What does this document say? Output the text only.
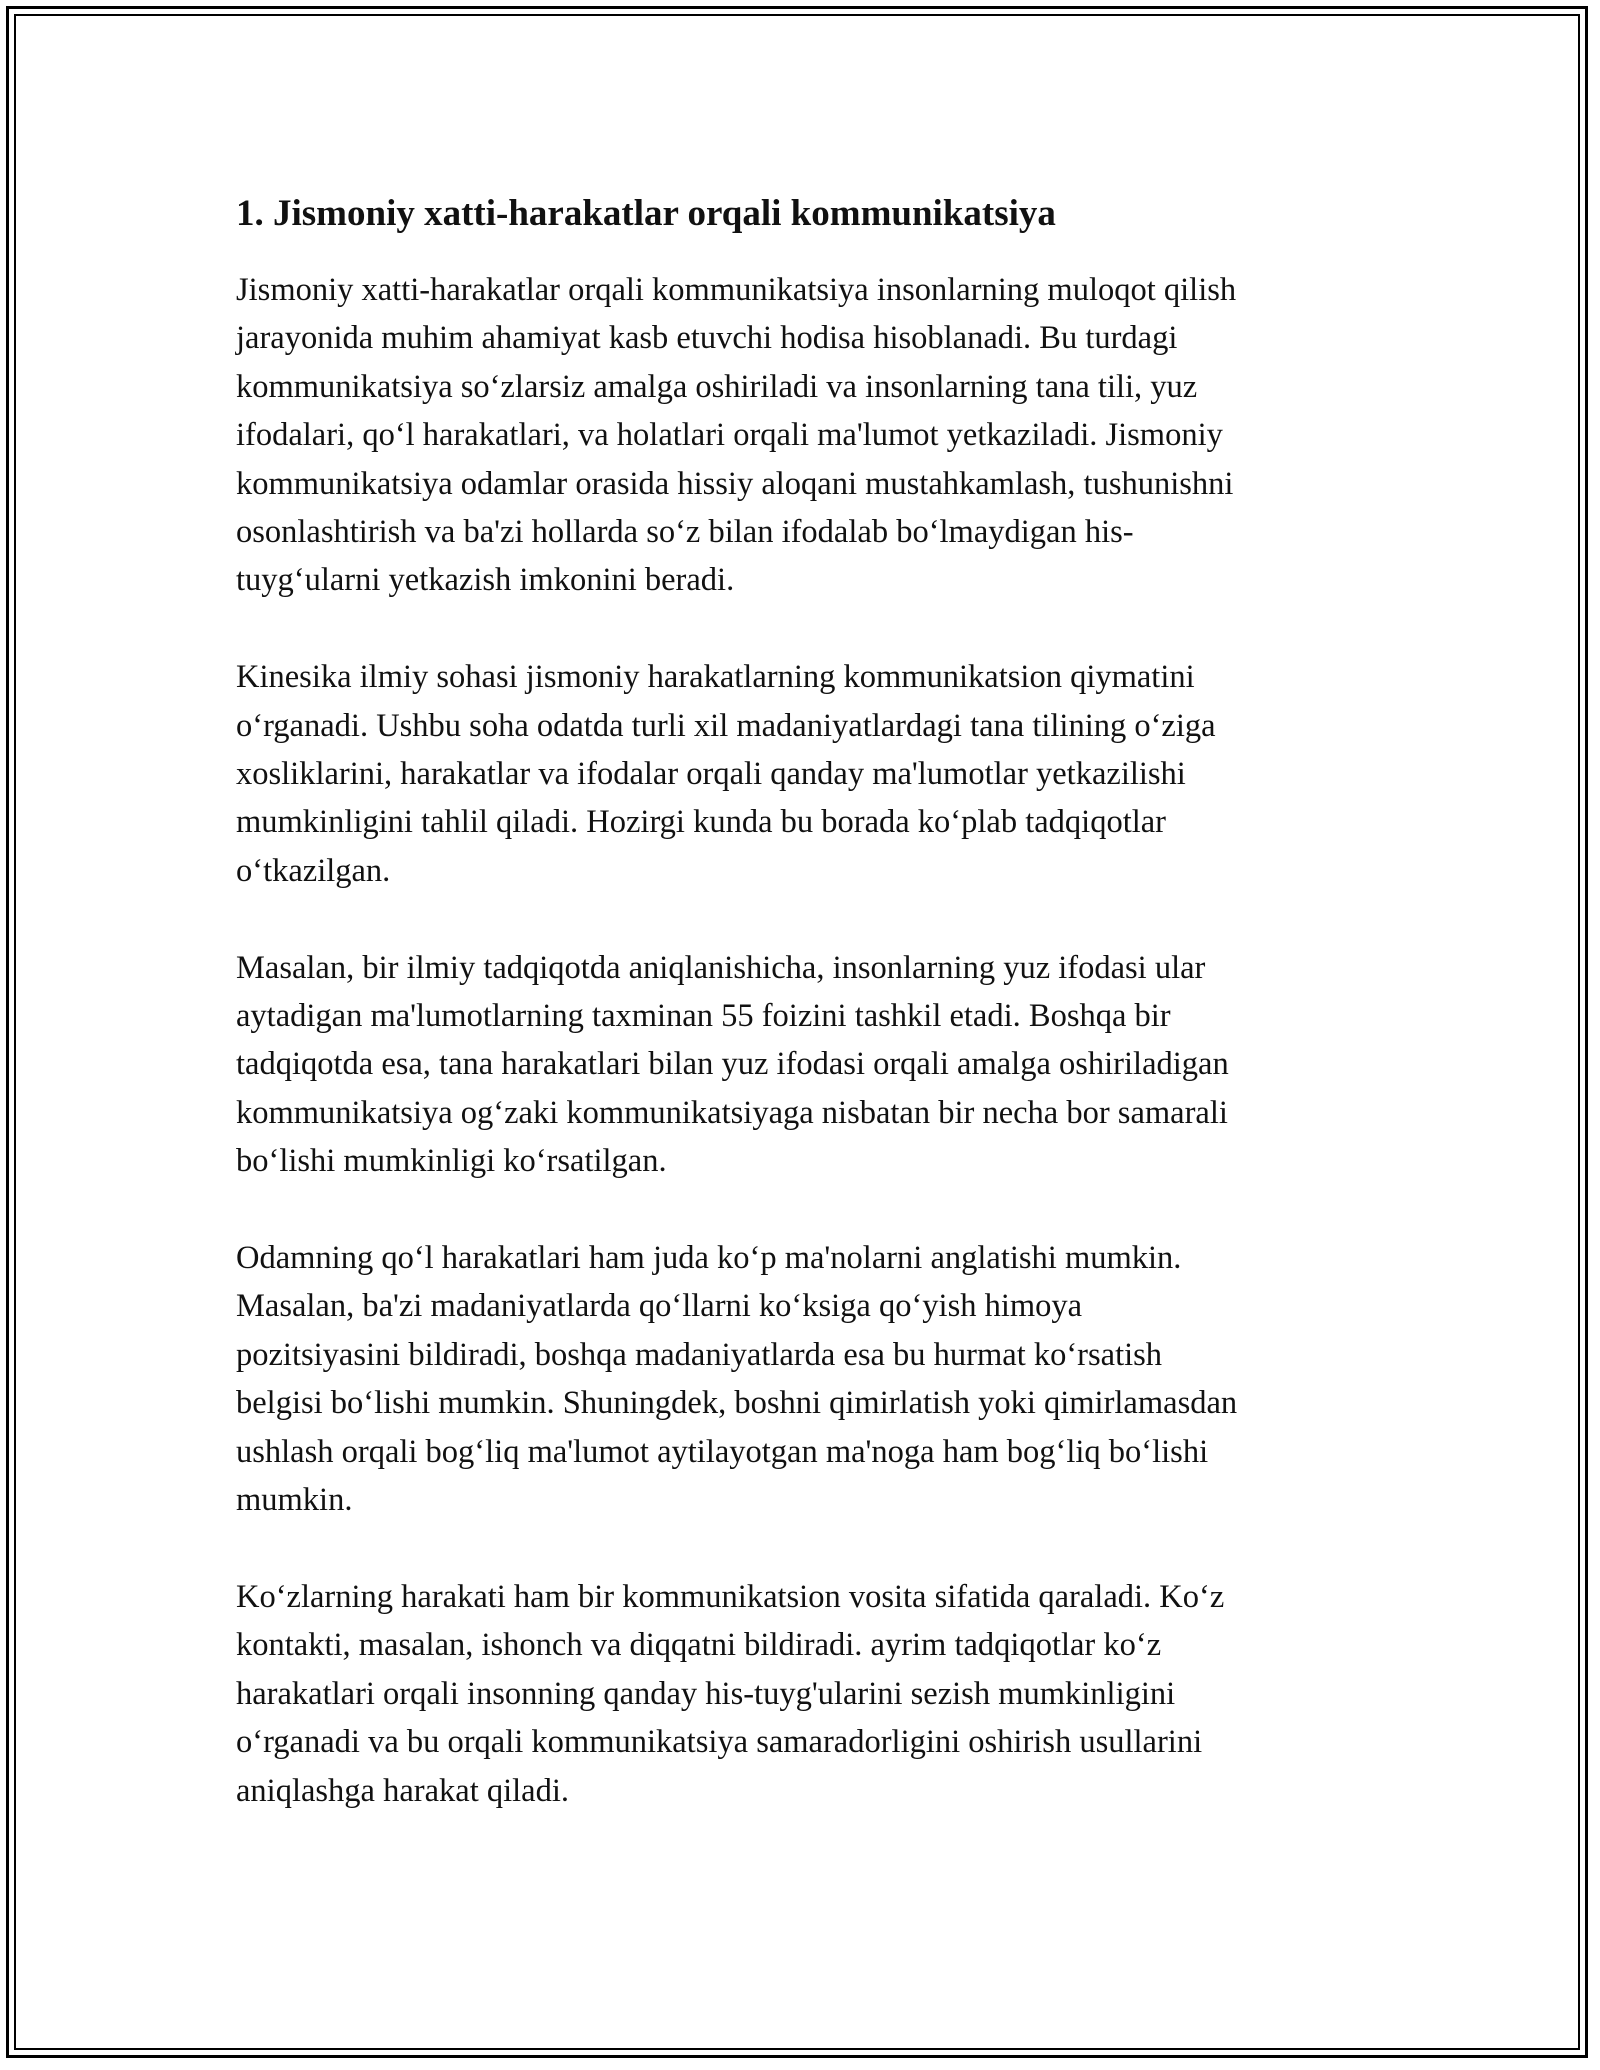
1. Jismoniy xatti-harakatlar orqali kommunikatsiya

Jismoniy xatti-harakatlar orqali kommunikatsiya insonlarning muloqot qilish
jarayonida muhim ahamiyat kasb etuvchi hodisa hisoblanadi. Bu turdagi
kommunikatsiya so‘zlarsiz amalga oshiriladi va insonlarning tana tili, yuz
ifodalari, qo‘l harakatlari, va holatlari orqali ma'lumot yetkaziladi. Jismoniy
kommunikatsiya odamlar orasida hissiy aloqani mustahkamlash, tushunishni
osonlashtirish va ba'zi hollarda so‘z bilan ifodalab bo‘lmaydigan his-
tuyg‘ularni yetkazish imkonini beradi.

Kinesika ilmiy sohasi jismoniy harakatlarning kommunikatsion qiymatini
o‘rganadi. Ushbu soha odatda turli xil madaniyatlardagi tana tilining o‘ziga
xosliklarini, harakatlar va ifodalar orqali qanday ma'lumotlar yetkazilishi
mumkinligini tahlil qiladi. Hozirgi kunda bu borada ko‘plab tadqiqotlar
o‘tkazilgan.

Masalan, bir ilmiy tadqiqotda aniqlanishicha, insonlarning yuz ifodasi ular
aytadigan ma'lumotlarning taxminan 55 foizini tashkil etadi. Boshqa bir
tadqiqotda esa, tana harakatlari bilan yuz ifodasi orqali amalga oshiriladigan
kommunikatsiya og‘zaki kommunikatsiyaga nisbatan bir necha bor samarali
bo‘lishi mumkinligi ko‘rsatilgan.

Odamning qo‘l harakatlari ham juda ko‘p ma'nolarni anglatishi mumkin.
Masalan, ba'zi madaniyatlarda qo‘llarni ko‘ksiga qo‘yish himoya
pozitsiyasini bildiradi, boshqa madaniyatlarda esa bu hurmat ko‘rsatish
belgisi bo‘lishi mumkin. Shuningdek, boshni qimirlatish yoki qimirlamasdan
ushlash orqali bog‘liq ma'lumot aytilayotgan ma'noga ham bog‘liq bo‘lishi
mumkin.

Ko‘zlarning harakati ham bir kommunikatsion vosita sifatida qaraladi. Ko‘z
kontakti, masalan, ishonch va diqqatni bildiradi. ayrim tadqiqotlar ko‘z
harakatlari orqali insonning qanday his-tuyg'ularini sezish mumkinligini
o‘rganadi va bu orqali kommunikatsiya samaradorligini oshirish usullarini
aniqlashga harakat qiladi.
